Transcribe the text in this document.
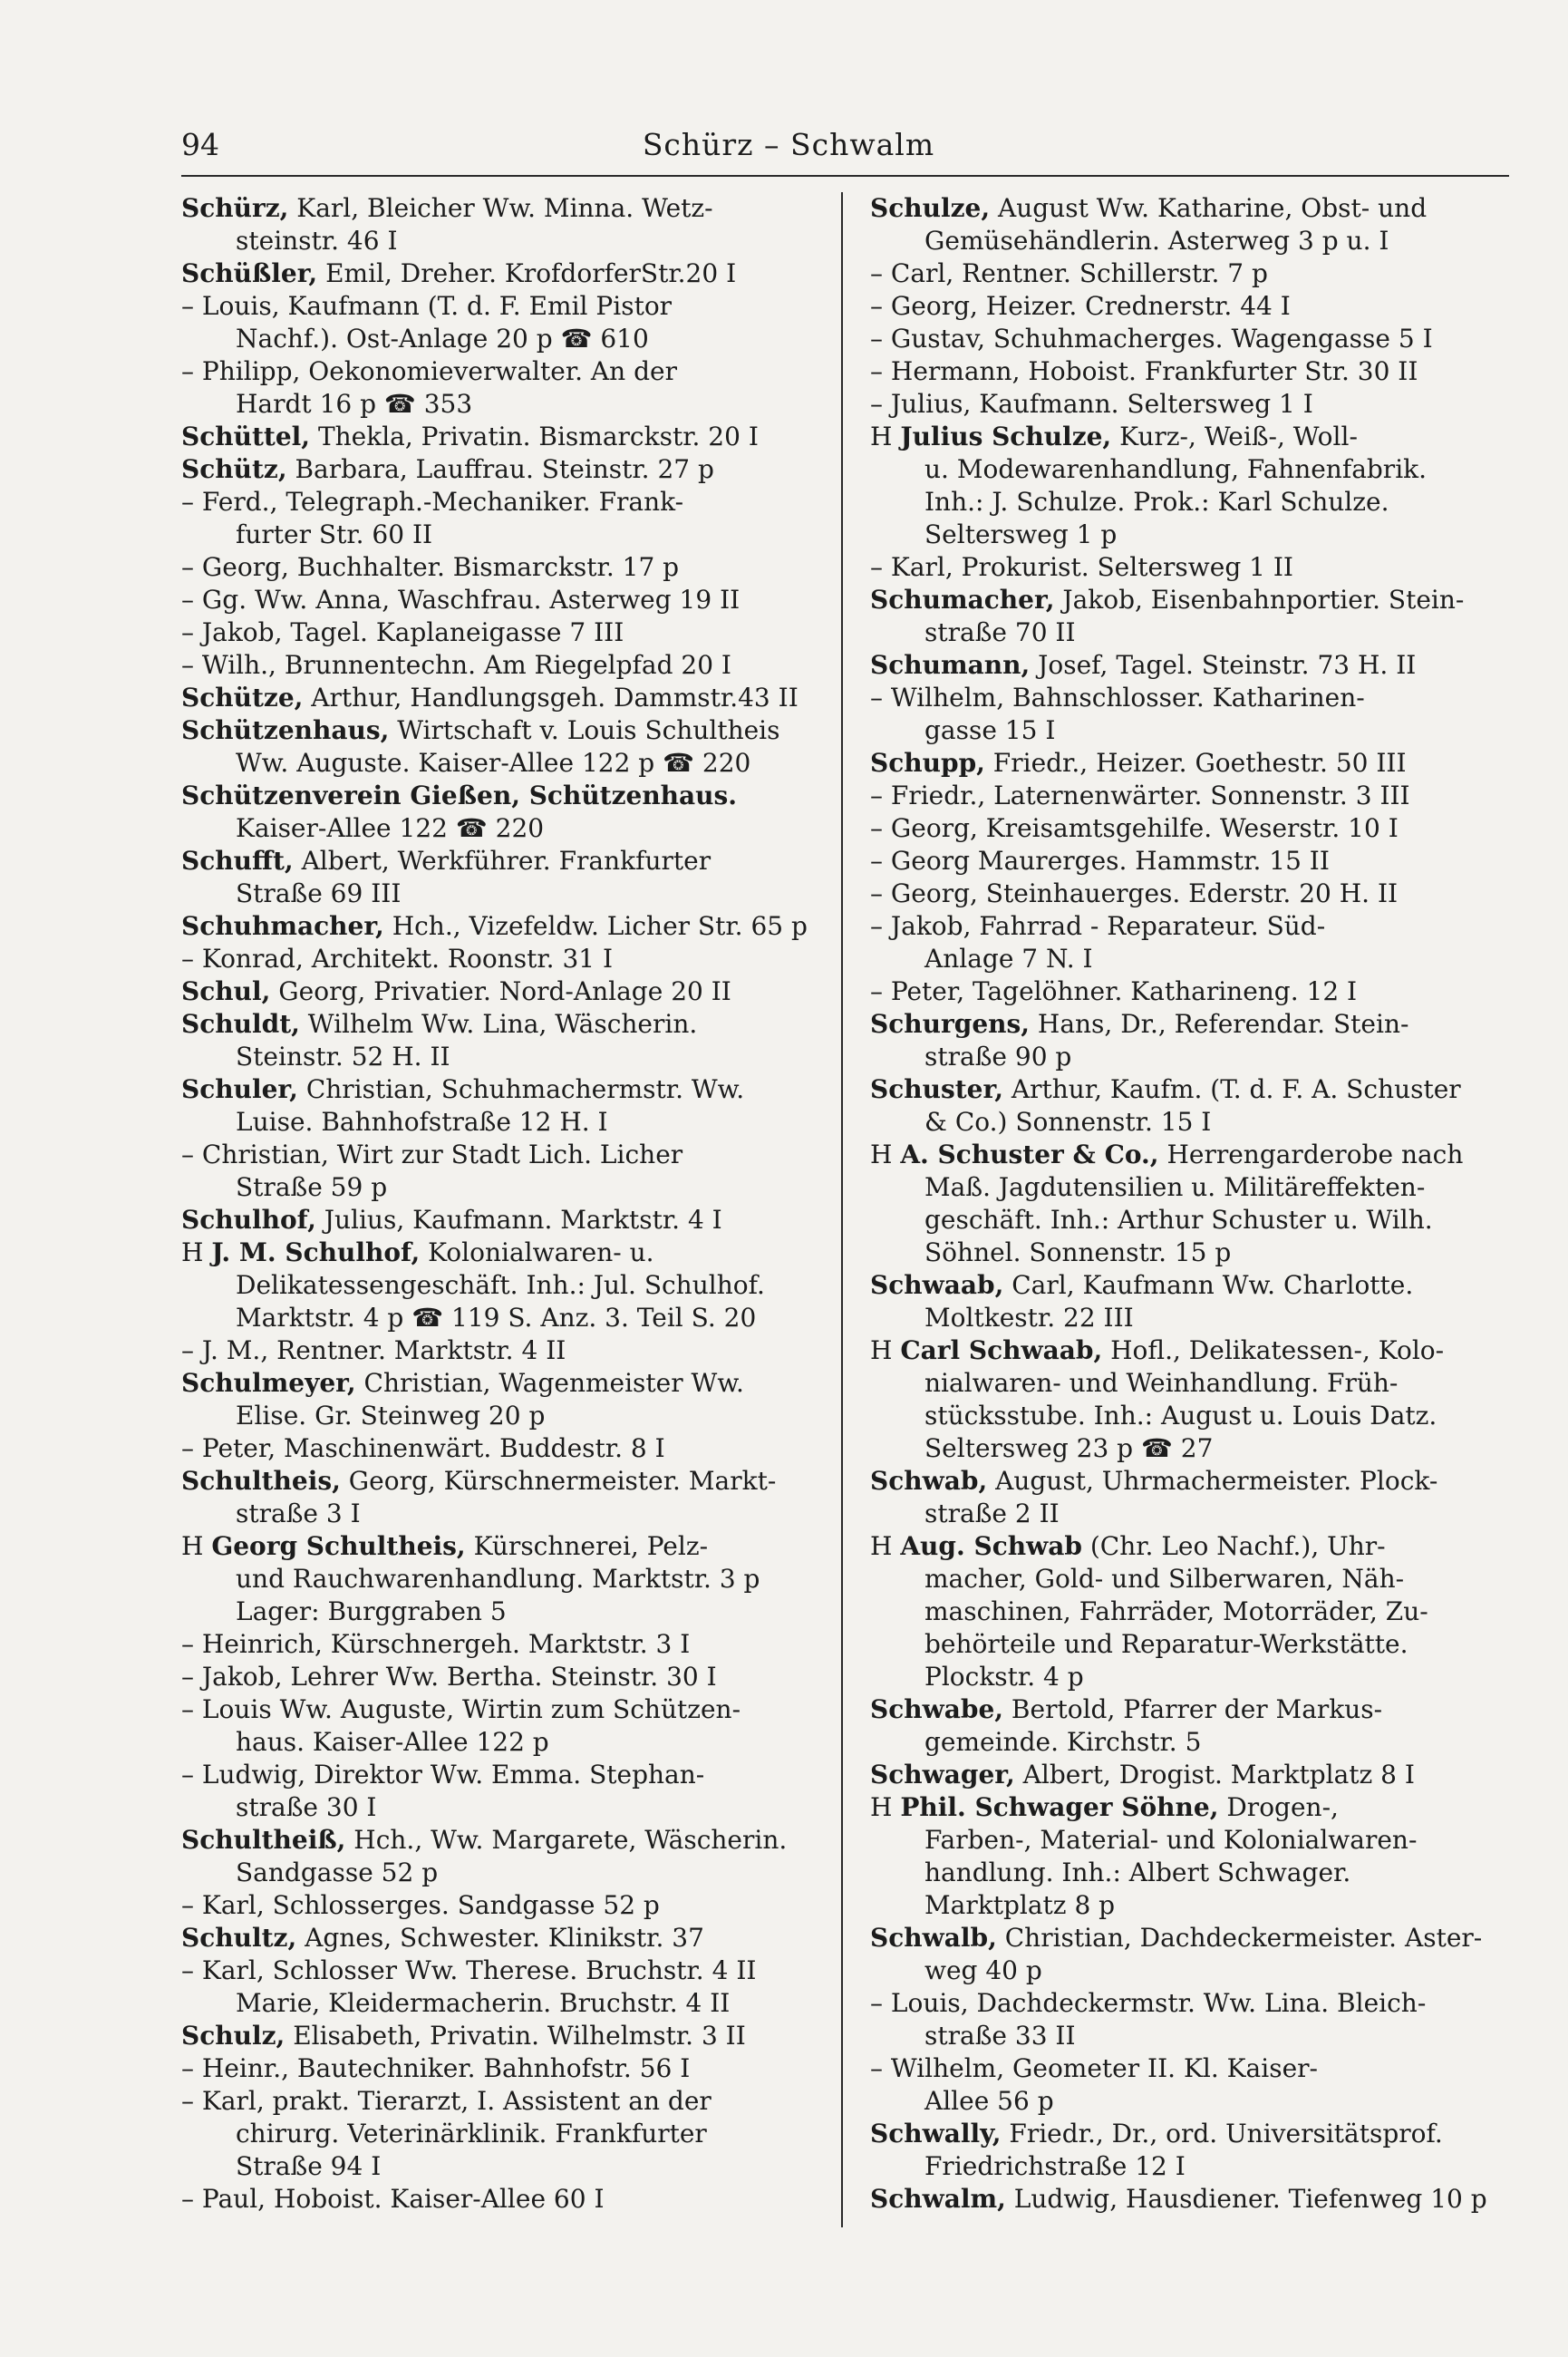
94	Schürz – Schwalm
Schürz, Karl, Bleicher Ww. Minna. Wetz-
steinstr. 46 I
Schüßler, Emil, Dreher. KrofdorferStr.20 I
– Louis, Kaufmann (T. d. F. Emil Pistor
Nachf.). Ost-Anlage 20 p ☎ 610
– Philipp, Oekonomieverwalter. An der
Hardt 16 p ☎ 353
Schüttel, Thekla, Privatin. Bismarckstr. 20 I
Schütz, Barbara, Lauffrau. Steinstr. 27 p
– Ferd., Telegraph.-Mechaniker. Frank-
furter Str. 60 II
– Georg, Buchhalter. Bismarckstr. 17 p
– Gg. Ww. Anna, Waschfrau. Asterweg 19 II
– Jakob, Tagel. Kaplaneigasse 7 III
– Wilh., Brunnentechn. Am Riegelpfad 20 I
Schütze, Arthur, Handlungsgeh. Dammstr.43 II
Schützenhaus, Wirtschaft v. Louis Schultheis
Ww. Auguste. Kaiser-Allee 122 p ☎ 220
Schützenverein Gießen, Schützenhaus.
Kaiser-Allee 122 ☎ 220
Schufft, Albert, Werkführer. Frankfurter
Straße 69 III
Schuhmacher, Hch., Vizefeldw. Licher Str. 65 p
– Konrad, Architekt. Roonstr. 31 I
Schul, Georg, Privatier. Nord-Anlage 20 II
Schuldt, Wilhelm Ww. Lina, Wäscherin.
Steinstr. 52 H. II
Schuler, Christian, Schuhmachermstr. Ww.
Luise. Bahnhofstraße 12 H. I
– Christian, Wirt zur Stadt Lich. Licher
Straße 59 p
Schulhof, Julius, Kaufmann. Marktstr. 4 I
H J. M. Schulhof, Kolonialwaren- u.
Delikatessengeschäft. Inh.: Jul. Schulhof.
Marktstr. 4 p ☎ 119 S. Anz. 3. Teil S. 20
– J. M., Rentner. Marktstr. 4 II
Schulmeyer, Christian, Wagenmeister Ww.
Elise. Gr. Steinweg 20 p
– Peter, Maschinenwärt. Buddestr. 8 I
Schultheis, Georg, Kürschnermeister. Markt-
straße 3 I
H Georg Schultheis, Kürschnerei, Pelz-
und Rauchwarenhandlung. Marktstr. 3 p
Lager: Burggraben 5
– Heinrich, Kürschnergeh. Marktstr. 3 I
– Jakob, Lehrer Ww. Bertha. Steinstr. 30 I
– Louis Ww. Auguste, Wirtin zum Schützen-
haus. Kaiser-Allee 122 p
– Ludwig, Direktor Ww. Emma. Stephan-
straße 30 I
Schultheiß, Hch., Ww. Margarete, Wäscherin.
Sandgasse 52 p
– Karl, Schlosserges. Sandgasse 52 p
Schultz, Agnes, Schwester. Klinikstr. 37
– Karl, Schlosser Ww. Therese. Bruchstr. 4 II
Marie, Kleidermacherin. Bruchstr. 4 II
Schulz, Elisabeth, Privatin. Wilhelmstr. 3 II
– Heinr., Bautechniker. Bahnhofstr. 56 I
– Karl, prakt. Tierarzt, I. Assistent an der
chirurg. Veterinärklinik. Frankfurter
Straße 94 I
– Paul, Hoboist. Kaiser-Allee 60 I
Schulze, August Ww. Katharine, Obst- und
Gemüsehändlerin. Asterweg 3 p u. I
– Carl, Rentner. Schillerstr. 7 p
– Georg, Heizer. Crednerstr. 44 I
– Gustav, Schuhmacherges. Wagengasse 5 I
– Hermann, Hoboist. Frankfurter Str. 30 II
– Julius, Kaufmann. Seltersweg 1 I
H Julius Schulze, Kurz-, Weiß-, Woll-
u. Modewarenhandlung, Fahnenfabrik.
Inh.: J. Schulze. Prok.: Karl Schulze.
Seltersweg 1 p
– Karl, Prokurist. Seltersweg 1 II
Schumacher, Jakob, Eisenbahnportier. Stein-
straße 70 II
Schumann, Josef, Tagel. Steinstr. 73 H. II
– Wilhelm, Bahnschlosser. Katharinen-
gasse 15 I
Schupp, Friedr., Heizer. Goethestr. 50 III
– Friedr., Laternenwärter. Sonnenstr. 3 III
– Georg, Kreisamtsgehilfe. Weserstr. 10 I
– Georg Maurerges. Hammstr. 15 II
– Georg, Steinhauerges. Ederstr. 20 H. II
– Jakob, Fahrrad - Reparateur. Süd-
Anlage 7 N. I
– Peter, Tagelöhner. Katharineng. 12 I
Schurgens, Hans, Dr., Referendar. Stein-
straße 90 p
Schuster, Arthur, Kaufm. (T. d. F. A. Schuster
& Co.) Sonnenstr. 15 I
H A. Schuster & Co., Herrengarderobe nach
Maß. Jagdutensilien u. Militäreffekten-
geschäft. Inh.: Arthur Schuster u. Wilh.
Söhnel. Sonnenstr. 15 p
Schwaab, Carl, Kaufmann Ww. Charlotte.
Moltkestr. 22 III
H Carl Schwaab, Hofl., Delikatessen-, Kolo-
nialwaren- und Weinhandlung. Früh-
stücksstube. Inh.: August u. Louis Datz.
Seltersweg 23 p ☎ 27
Schwab, August, Uhrmachermeister. Plock-
straße 2 II
H Aug. Schwab (Chr. Leo Nachf.), Uhr-
macher, Gold- und Silberwaren, Näh-
maschinen, Fahrräder, Motorräder, Zu-
behörteile und Reparatur-Werkstätte.
Plockstr. 4 p
Schwabe, Bertold, Pfarrer der Markus-
gemeinde. Kirchstr. 5
Schwager, Albert, Drogist. Marktplatz 8 I
H Phil. Schwager Söhne, Drogen-,
Farben-, Material- und Kolonialwaren-
handlung. Inh.: Albert Schwager.
Marktplatz 8 p
Schwalb, Christian, Dachdeckermeister. Aster-
weg 40 p
– Louis, Dachdeckermstr. Ww. Lina. Bleich-
straße 33 II
– Wilhelm, Geometer II. Kl. Kaiser-
Allee 56 p
Schwally, Friedr., Dr., ord. Universitätsprof.
Friedrichstraße 12 I
Schwalm, Ludwig, Hausdiener. Tiefenweg 10 p
